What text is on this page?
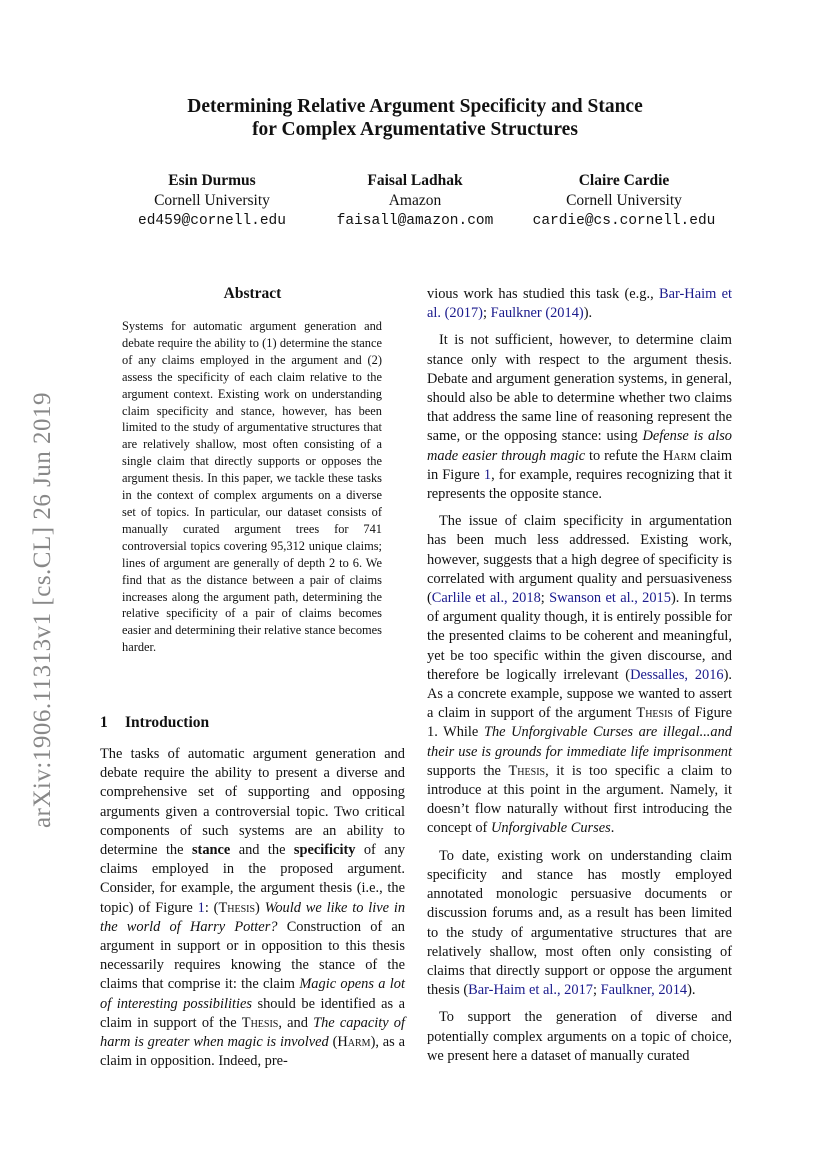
arXiv:1906.11313v1 [cs.CL] 26 Jun 2019
Determining Relative Argument Specificity and Stance
for Complex Argumentative Structures
Esin Durmus
Cornell University
ed459@cornell.edu
Faisal Ladhak
Amazon
faisall@amazon.com
Claire Cardie
Cornell University
cardie@cs.cornell.edu
Abstract
Systems for automatic argument generation and debate require the ability to (1) determine the stance of any claims employed in the argument and (2) assess the specificity of each claim relative to the argument context. Existing work on understanding claim specificity and stance, however, has been limited to the study of argumentative structures that are relatively shallow, most often consisting of a single claim that directly supports or opposes the argument thesis. In this paper, we tackle these tasks in the context of complex arguments on a diverse set of topics. In particular, our dataset consists of manually curated argument trees for 741 controversial topics covering 95,312 unique claims; lines of argument are generally of depth 2 to 6. We find that as the distance between a pair of claims increases along the argument path, determining the relative specificity of a pair of claims becomes easier and determining their relative stance becomes harder.
1 Introduction

The tasks of automatic argument generation and debate require the ability to present a diverse and comprehensive set of supporting and opposing arguments given a controversial topic. Two critical components of such systems are an ability to determine the stance and the specificity of any claims employed in the proposed argument. Consider, for example, the argument thesis (i.e., the topic) of Figure 1: (Thesis) Would we like to live in the world of Harry Potter? Construction of an argument in support or in opposition to this thesis necessarily requires knowing the stance of the claims that comprise it: the claim Magic opens a lot of interesting possibilities should be identified as a claim in support of the Thesis, and The capacity of harm is greater when magic is involved (Harm), as a claim in opposition. Indeed, pre-

vious work has studied this task (e.g., Bar-Haim et al. (2017); Faulkner (2014)).

It is not sufficient, however, to determine claim stance only with respect to the argument thesis. Debate and argument generation systems, in general, should also be able to determine whether two claims that address the same line of reasoning represent the same, or the opposing stance: using Defense is also made easier through magic to refute the Harm claim in Figure 1, for example, requires recognizing that it represents the opposite stance.

The issue of claim specificity in argumentation has been much less addressed. Existing work, however, suggests that a high degree of specificity is correlated with argument quality and persuasiveness (Carlile et al., 2018; Swanson et al., 2015). In terms of argument quality though, it is entirely possible for the presented claims to be coherent and meaningful, yet be too specific within the given discourse, and therefore be logically irrelevant (Dessalles, 2016). As a concrete example, suppose we wanted to assert a claim in support of the argument Thesis of Figure 1. While The Unforgivable Curses are illegal...and their use is grounds for immediate life imprisonment supports the Thesis, it is too specific a claim to introduce at this point in the argument. Namely, it doesn’t flow naturally without first introducing the concept of Unforgivable Curses.

To date, existing work on understanding claim specificity and stance has mostly employed annotated monologic persuasive documents or discussion forums and, as a result has been limited to the study of argumentative structures that are relatively shallow, most often only consisting of claims that directly support or oppose the argument thesis (Bar-Haim et al., 2017; Faulkner, 2014).

To support the generation of diverse and potentially complex arguments on a topic of choice, we present here a dataset of manually curated
